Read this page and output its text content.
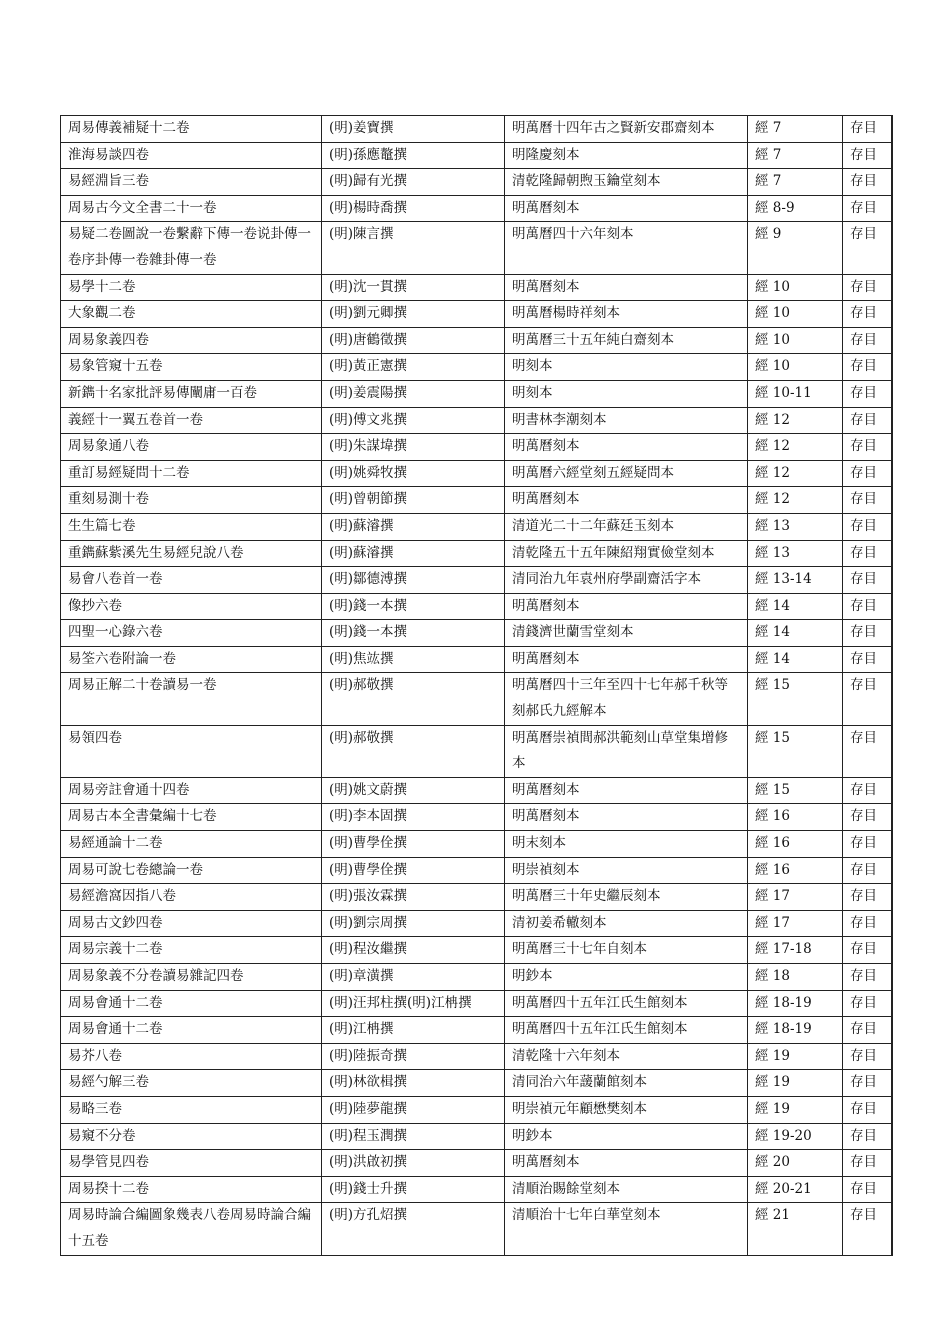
周易傳義補疑十二卷	(明)姜寶撰	明萬曆十四年古之賢新安郡齋刻本	經 7	存目
淮海易談四卷	(明)孫應鼇撰	明隆慶刻本	經 7	存目
易經淵旨三卷	(明)歸有光撰	清乾隆歸朝煦玉鑰堂刻本	經 7	存目
周易古今文全書二十一卷	(明)楊時喬撰	明萬曆刻本	經 8-9	存目
易疑二卷圖說一卷繫辭下傳一卷说卦傳一卷序卦傳一卷雜卦傳一卷	(明)陳言撰	明萬曆四十六年刻本	經 9	存目
易學十二卷	(明)沈一貫撰	明萬曆刻本	經 10	存目
大象觀二卷	(明)劉元卿撰	明萬曆楊時祥刻本	經 10	存目
周易象義四卷	(明)唐鶴徵撰	明萬曆三十五年純白齋刻本	經 10	存目
易象管窺十五卷	(明)黃正憲撰	明刻本	經 10	存目
新鐫十名家批評易傳闡庸一百卷	(明)姜震陽撰	明刻本	經 10-11	存目
義經十一翼五卷首一卷	(明)傅文兆撰	明書林李潮刻本	經 12	存目
周易象通八卷	(明)朱謀㙔撰	明萬曆刻本	經 12	存目
重訂易經疑問十二卷	(明)姚舜牧撰	明萬曆六經堂刻五經疑問本	經 12	存目
重刻易測十卷	(明)曾朝節撰	明萬曆刻本	經 12	存目
生生篇七卷	(明)蘇濬撰	清道光二十二年蘇廷玉刻本	經 13	存目
重鐫蘇紫溪先生易經兒說八卷	(明)蘇濬撰	清乾隆五十五年陳紹翔實儉堂刻本	經 13	存目
易會八卷首一卷	(明)鄒德溥撰	清同治九年袁州府學副齋活字本	經 13-14	存目
像抄六卷	(明)錢一本撰	明萬曆刻本	經 14	存目
四聖一心錄六卷	(明)錢一本撰	清錢濟世蘭雪堂刻本	經 14	存目
易筌六卷附論一卷	(明)焦竑撰	明萬曆刻本	經 14	存目
周易正解二十卷讀易一卷	(明)郝敬撰	明萬曆四十三年至四十七年郝千秋等刻郝氏九經解本	經 15	存目
易領四卷	(明)郝敬撰	明萬曆崇禎間郝洪範刻山草堂集增修本	經 15	存目
周易旁註會通十四卷	(明)姚文蔚撰	明萬曆刻本	經 15	存目
周易古本全書彙編十七卷	(明)李本固撰	明萬曆刻本	經 16	存目
易經通論十二卷	(明)曹學佺撰	明末刻本	經 16	存目
周易可說七卷總論一卷	(明)曹學佺撰	明崇禎刻本	經 16	存目
易經澹窩因指八卷	(明)張汝霖撰	明萬曆三十年史繼辰刻本	經 17	存目
周易古文鈔四卷	(明)劉宗周撰	清初姜希轍刻本	經 17	存目
周易宗義十二卷	(明)程汝繼撰	明萬曆三十七年自刻本	經 17-18	存目
周易象義不分卷讀易雜記四卷	(明)章潢撰	明鈔本	經 18	存目
周易會通十二卷	(明)汪邦柱撰(明)江柟撰	明萬曆四十五年江氏生館刻本	經 18-19	存目
周易會通十二卷	(明)江柟撰	明萬曆四十五年江氏生館刻本	經 18-19	存目
易芥八卷	(明)陸振奇撰	清乾隆十六年刻本	經 19	存目
易經勺解三卷	(明)林欲楫撰	清同治六年蘐蘭館刻本	經 19	存目
易略三卷	(明)陸夢龍撰	明崇禎元年顧懋樊刻本	經 19	存目
易窺不分卷	(明)程玉潤撰	明鈔本	經 19-20	存目
易學管見四卷	(明)洪啟初撰	明萬曆刻本	經 20	存目
周易揆十二卷	(明)錢士升撰	清順治賜餘堂刻本	經 20-21	存目
周易時論合編圖象幾表八卷周易時論合編十五卷	(明)方孔炤撰	清順治十七年白華堂刻本	經 21	存目
